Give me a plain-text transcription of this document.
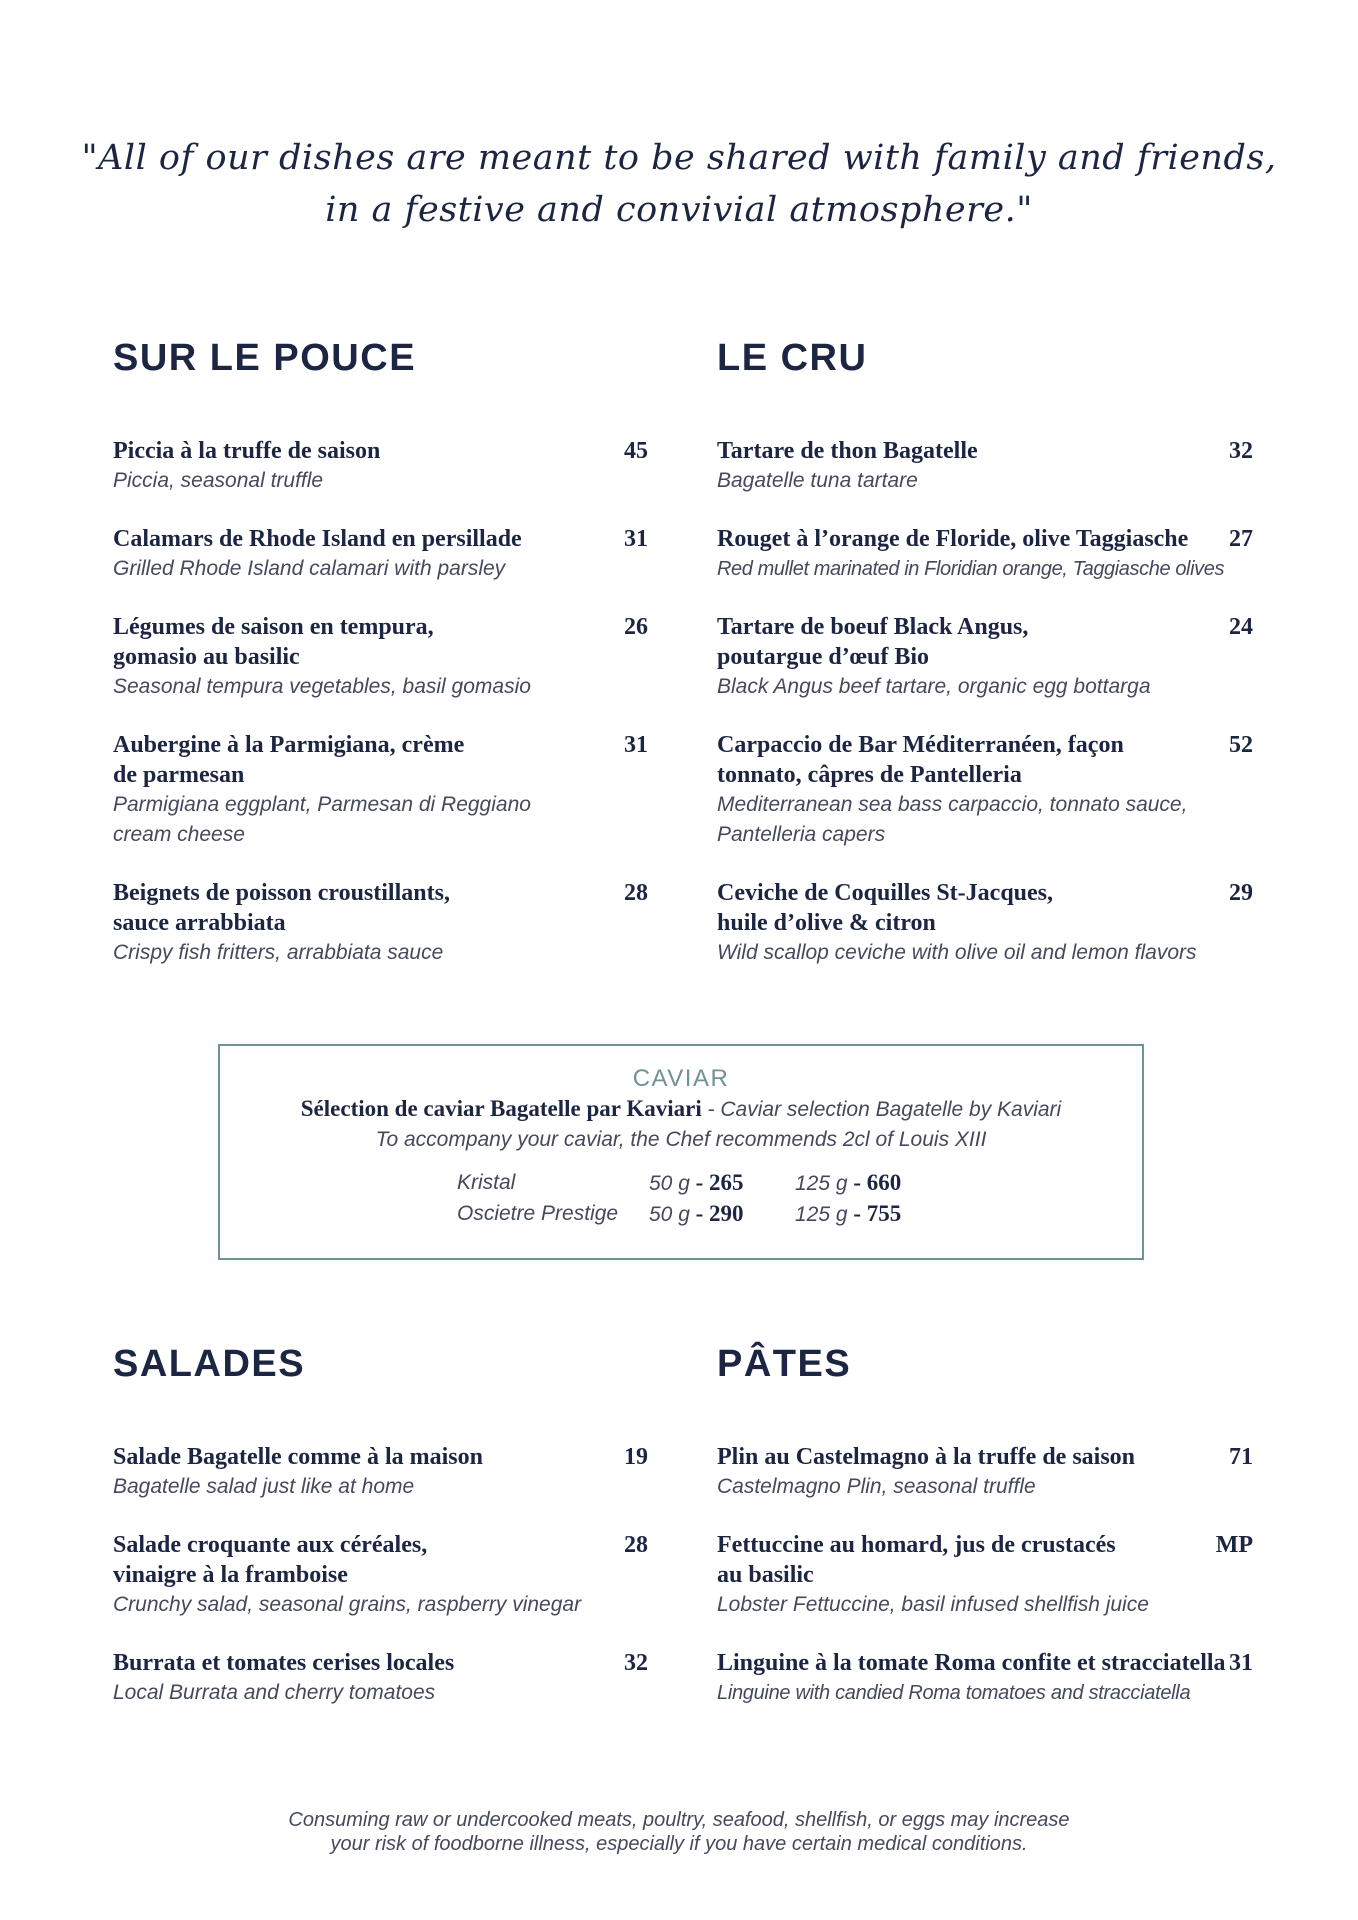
"All of our dishes are meant to be shared with family and friends,
in a festive and convivial atmosphere."
SUR LE POUCE
Piccia à la truffe de saison	45
Piccia, seasonal truffle
Calamars de Rhode Island en persillade	31
Grilled Rhode Island calamari with parsley
Légumes de saison en tempura, gomasio au basilic
26
Seasonal tempura vegetables, basil gomasio
Aubergine à la Parmigiana, crème de parmesan
31
Parmigiana eggplant, Parmesan di Reggiano cream cheese
Beignets de poisson croustillants, sauce arrabbiata
28
Crispy fish fritters, arrabbiata sauce
LE CRU
Tartare de thon Bagatelle	32
Bagatelle tuna tartare
Rouget à l’orange de Floride, olive Taggiasche	27
Red mullet marinated in Floridian orange, Taggiasche olives
Tartare de boeuf Black Angus, poutargue d’œuf Bio
24
Black Angus beef tartare, organic egg bottarga
Carpaccio de Bar Méditerranéen, façon tonnato, câpres de Pantelleria
52
Mediterranean sea bass carpaccio, tonnato sauce, Pantelleria capers
Ceviche de Coquilles St-Jacques, huile d’olive & citron
29
Wild scallop ceviche with olive oil and lemon flavors
CAVIAR
Sélection de caviar Bagatelle par Kaviari - Caviar selection Bagatelle by Kaviari
To accompany your caviar, the Chef recommends 2cl of Louis XIII
Kristal	50 g - 265	125 g - 660
Oscietre Prestige	50 g - 290	125 g - 755
SALADES
Salade Bagatelle comme à la maison	19
Bagatelle salad just like at home
Salade croquante aux céréales, vinaigre à la framboise
28
Crunchy salad, seasonal grains, raspberry vinegar
Burrata et tomates cerises locales	32
Local Burrata and cherry tomatoes
PÂTES
Plin au Castelmagno à la truffe de saison	71
Castelmagno Plin, seasonal truffle
Fettuccine au homard, jus de crustacés au basilic
MP
Lobster Fettuccine, basil infused shellfish juice
Linguine à la tomate Roma confite et stracciatella 31
Linguine with candied Roma tomatoes and stracciatella
Consuming raw or undercooked meats, poultry, seafood, shellfish, or eggs may increase
your risk of foodborne illness, especially if you have certain medical conditions.
